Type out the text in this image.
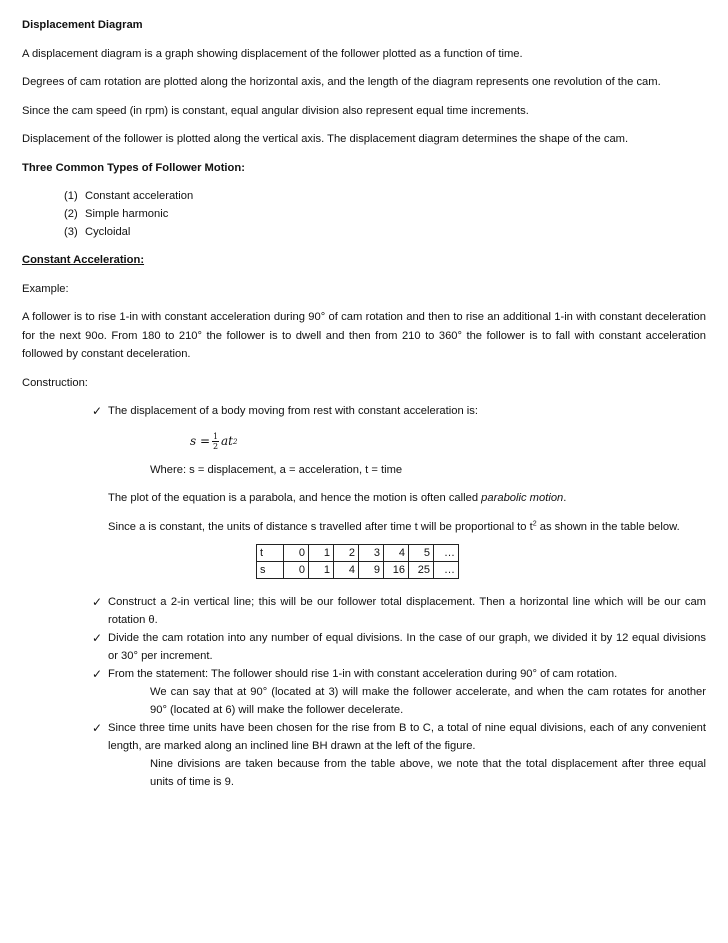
Displacement Diagram

A displacement diagram is a graph showing displacement of the follower plotted as a function of time.

Degrees of cam rotation are plotted along the horizontal axis, and the length of the diagram represents one revolution of the cam.

Since the cam speed (in rpm) is constant, equal angular division also represent equal time increments.

Displacement of the follower is plotted along the vertical axis. The displacement diagram determines the shape of the cam.

Three Common Types of Follower Motion:

(1) Constant acceleration
(2) Simple harmonic
(3) Cycloidal

Constant Acceleration:

Example:

A follower is to rise 1-in with constant acceleration during 90° of cam rotation and then to rise an additional 1-in with constant deceleration for the next 90o. From 180 to 210° the follower is to dwell and then from 210 to 360° the follower is to fall with constant acceleration followed by constant deceleration.

Construction:

✓ The displacement of a body moving from rest with constant acceleration is:

$s = \frac{1}{2}$ at 2

Where: s = displacement, a = acceleration, t = time

The plot of the equation is a parabola, and hence the motion is often called parabolic motion.

Since a is constant, the units of distance s travelled after time t will be proportional to $t^2$ as shown in the table below.

t	0	1	2	3	4	5	…
s	0	1	4	9	16	25	…

✓ Construct a 2-in vertical line; this will be our follower total displacement. Then a horizontal line which will be our cam rotation θ.

✓ Divide the cam rotation into any number of equal divisions. In the case of our graph, we divided it by 12 equal divisions or 30° per increment.

✓ From the statement: The follower should rise 1-in with constant acceleration during 90° of cam rotation.

We can say that at 90° (located at 3) will make the follower accelerate, and when the cam rotates for another 90° (located at 6) will make the follower decelerate.

✓ Since three time units have been chosen for the rise from B to C, a total of nine equal divisions, each of any convenient length, are marked along an inclined line BH drawn at the left of the figure.

Nine divisions are taken because from the table above, we note that the total displacement after three equal units of time is 9.
